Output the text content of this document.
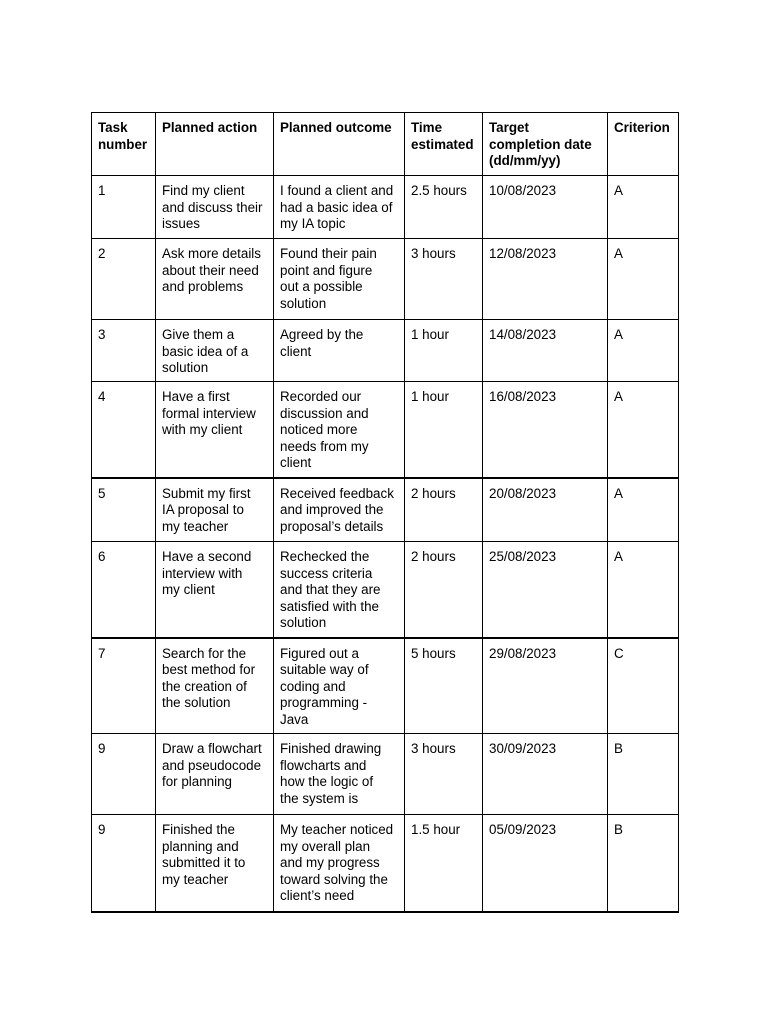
Task
number	Planned action	Planned outcome	Time
estimated	Target
completion date
(dd/mm/yy)	Criterion
1	Find my client
and discuss their
issues	I found a client and
had a basic idea of
my IA topic	2.5 hours	10/08/2023	A
2	Ask more details
about their need
and problems	Found their pain
point and figure
out a possible
solution	3 hours	12/08/2023	A
3	Give them a
basic idea of a
solution	Agreed by the
client	1 hour	14/08/2023	A
4	Have a first
formal interview
with my client	Recorded our
discussion and
noticed more
needs from my
client	1 hour	16/08/2023	A
5	Submit my first
IA proposal to
my teacher	Received feedback
and improved the
proposal’s details	2 hours	20/08/2023	A
6	Have a second
interview with
my client	Rechecked the
success criteria
and that they are
satisfied with the
solution	2 hours	25/08/2023	A
7	Search for the
best method for
the creation of
the solution	Figured out a
suitable way of
coding and
programming -
Java	5 hours	29/08/2023	C
9	Draw a flowchart
and pseudocode
for planning	Finished drawing
flowcharts and
how the logic of
the system is	3 hours	30/09/2023	B
9	Finished the
planning and
submitted it to
my teacher	My teacher noticed
my overall plan
and my progress
toward solving the
client’s need	1.5 hour	05/09/2023	B
